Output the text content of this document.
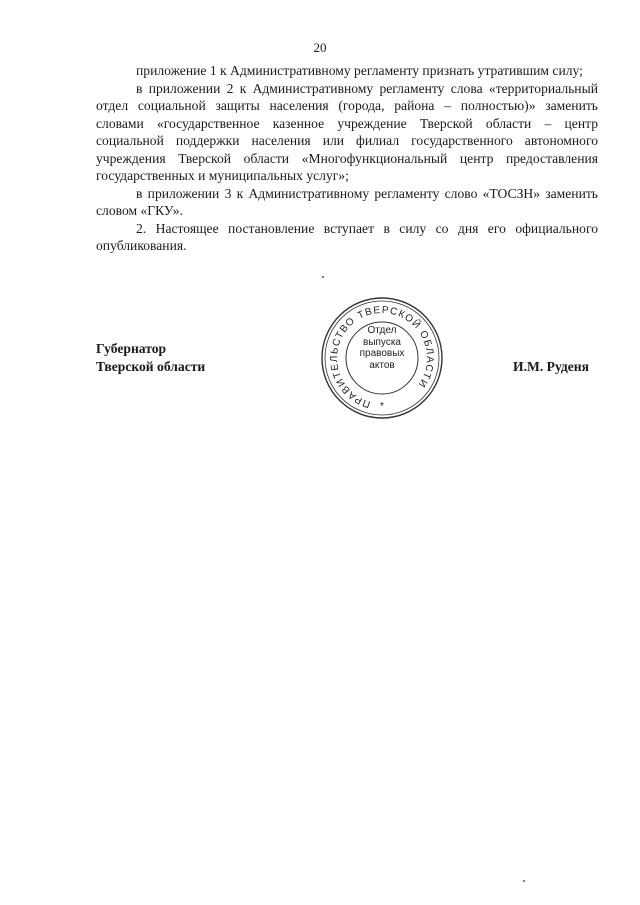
20

приложение 1 к Административному регламенту признать утратившим силу;

в приложении 2 к Административному регламенту слова «территориальный отдел социальной защиты населения (города, района – полностью)» заменить словами «государственное казенное учреждение Тверской области – центр социальной поддержки населения или филиал государственного автономного учреждения Тверской области «Многофункциональный центр предоставления государственных и муниципальных услуг»;

в приложении 3 к Административному регламенту слово «ТОСЗН» заменить словом «ГКУ».

2. Настоящее постановление вступает в силу со дня его официального опубликования.

Губернатор
Тверской области	И.М. Руденя
ПРАВИТЕЛЬСТВО ТВЕРСКОЙ ОБЛАСТИ
*
Отдел
выпуска
правовых
актов
